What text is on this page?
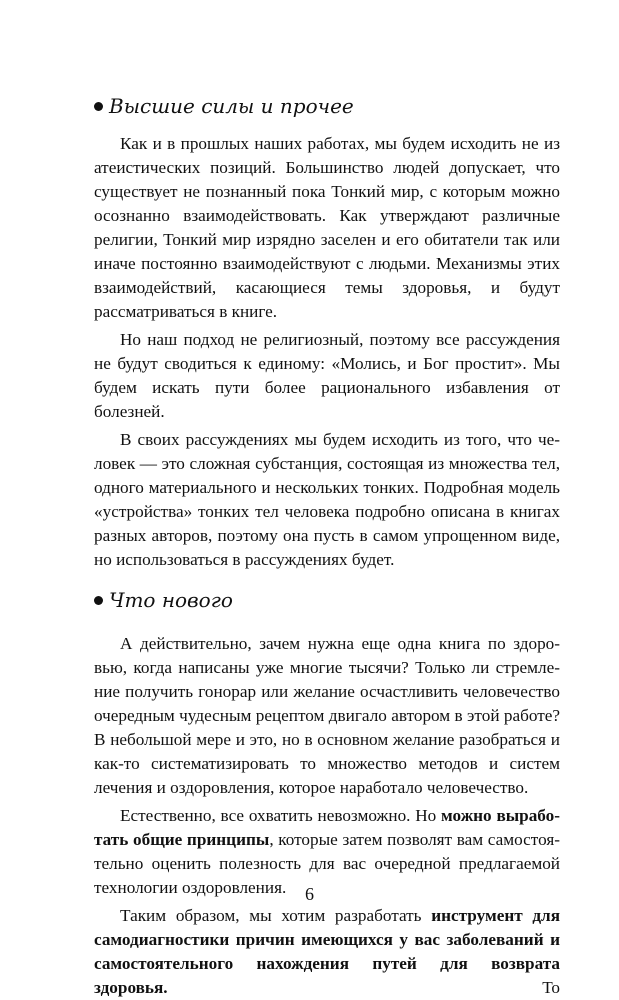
Высшие силы и прочее

Как и в прошлых наших работах, мы будем исходить не из атеистических позиций. Большинство людей допускает, что существует не познанный пока Тонкий мир, с которым можно осознанно взаимодействовать. Как утверждают различные религии, Тонкий мир изрядно заселен и его обитатели так или иначе постоянно взаимодействуют с людьми. Механизмы этих взаимодействий, касающиеся темы здоровья, и будут рассматриваться в книге.

Но наш подход не религиозный, поэтому все рассуждения не будут сводиться к единому: «Молись, и Бог простит». Мы будем искать пути более рационального избавления от болезней.

В своих рассуждениях мы будем исходить из того, что человек — это сложная субстанция, состоящая из множества тел, одного материального и нескольких тонких. Подробная модель «устройства» тонких тел человека подробно описана в книгах разных авторов, поэтому она пусть в самом упрощенном виде, но использоваться в рассуждениях будет.

Что нового

А действительно, зачем нужна еще одна книга по здоровью, когда написаны уже многие тысячи? Только ли стремление получить гонорар или желание осчастливить человечество очередным чудесным рецептом двигало автором в этой работе? В небольшой мере и это, но в основном желание разобраться и как-то систематизировать то множество методов и систем лечения и оздоровления, которое наработало человечество.

Естественно, все охватить невозможно. Но можно выработать общие принципы, которые затем позволят вам самостоятельно оценить полезность для вас очередной предлагаемой технологии оздоровления.

Таким образом, мы хотим разработать инструмент для самодиагностики причин имеющихся у вас заболеваний и самостоятельного нахождения путей для возврата здоровья. То

6
